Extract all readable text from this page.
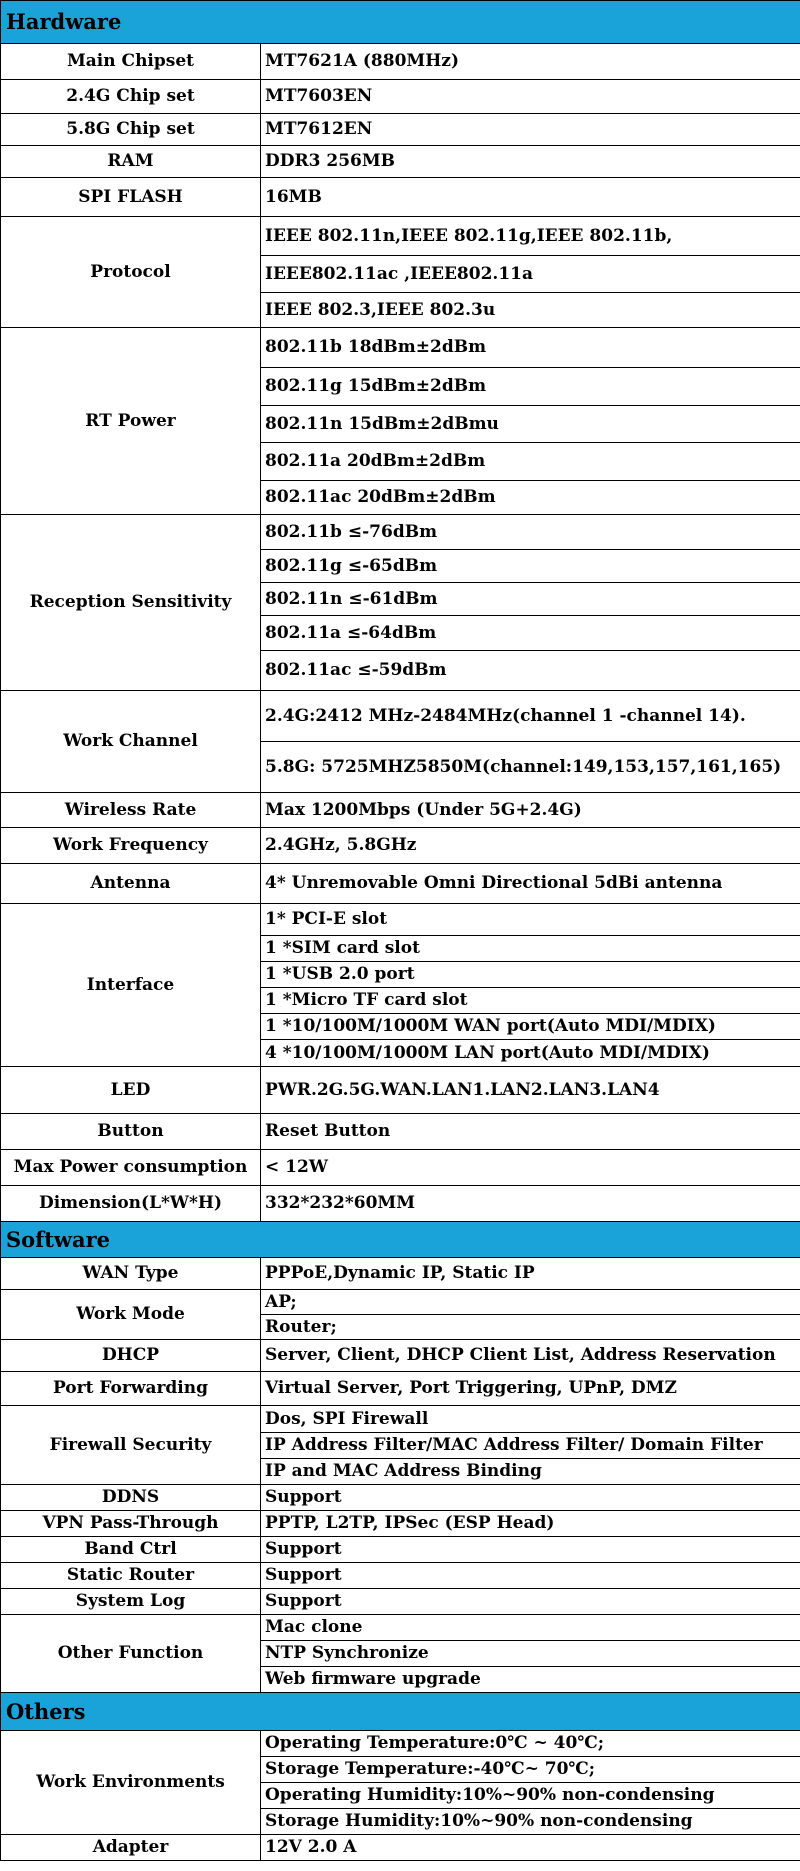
Hardware	
Main Chipset	MT7621A (880MHz)
2.4G Chip set	MT7603EN
5.8G Chip set	MT7612EN
RAM	DDR3 256MB
SPI FLASH	16MB
Protocol	IEEE 802.11n,IEEE 802.11g,IEEE 802.11b,
	IEEE802.11ac ,IEEE802.11a
	IEEE 802.3,IEEE 802.3u
RT Power	802.11b 18dBm±2dBm
	802.11g 15dBm±2dBm
	802.11n 15dBm±2dBmu
	802.11a 20dBm±2dBm
	802.11ac 20dBm±2dBm
Reception Sensitivity	802.11b ≤-76dBm
	802.11g ≤-65dBm
	802.11n ≤-61dBm
	802.11a ≤-64dBm
	802.11ac ≤-59dBm
Work Channel	2.4G:2412 MHz-2484MHz(channel 1 -channel 14).
	5.8G: 5725MHZ5850M(channel:149,153,157,161,165)
Wireless Rate	Max 1200Mbps (Under 5G+2.4G)
Work Frequency	2.4GHz, 5.8GHz
Antenna	4* Unremovable Omni Directional 5dBi antenna
Interface	1* PCI-E slot
	1 *SIM card slot
	1 *USB 2.0 port
	1 *Micro TF card slot
	1 *10/100M/1000M WAN port(Auto MDI/MDIX)
	4 *10/100M/1000M LAN port(Auto MDI/MDIX)
LED	PWR.2G.5G.WAN.LAN1.LAN2.LAN3.LAN4
Button	Reset Button
Max Power consumption	< 12W
Dimension(L*W*H)	332*232*60MM
Software	
WAN Type	PPPoE,Dynamic IP, Static IP
Work Mode	AP;
	Router;
DHCP	Server, Client, DHCP Client List, Address Reservation
Port Forwarding	Virtual Server, Port Triggering, UPnP, DMZ
Firewall Security	Dos, SPI Firewall
	IP Address Filter/MAC Address Filter/ Domain Filter
	IP and MAC Address Binding
DDNS	Support
VPN Pass-Through	PPTP, L2TP, IPSec (ESP Head)
Band Ctrl	Support
Static Router	Support
System Log	Support
Other Function	Mac clone
	NTP Synchronize
	Web firmware upgrade
Others	
Work Environments	Operating Temperature:0℃ ~ 40℃;
	Storage Temperature:-40℃~ 70℃;
	Operating Humidity:10%~90% non-condensing
	Storage Humidity:10%~90% non-condensing
Adapter	12V 2.0 A
